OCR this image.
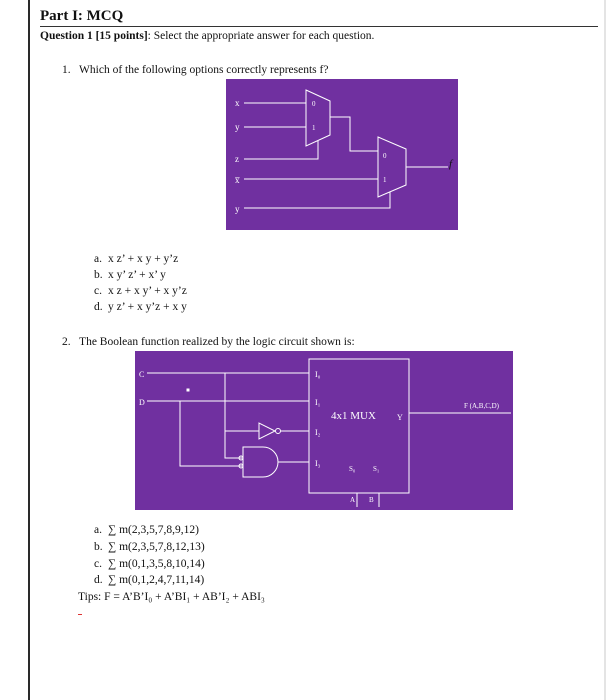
Part I: MCQ
Question 1 [15 points]: Select the appropriate answer for each question.
1. Which of the following options correctly represents f?
x
y
0
1
z
x̅
y
0
1
f
a. x z’ + x y + y’z
b. x y’ z’ + x’ y
c. x z + x y’ + x y’z
d. y z’ + x y’z + x y
2. The Boolean function realized by the logic circuit shown is:
C
D
I₀
I₁
I₂
I₃
4x1 MUX	Y
S₀	S₁
F (A,B,C,D)
A B
a. ∑ m(2,3,5,7,8,9,12)
b. ∑ m(2,3,5,7,8,12,13)
c. ∑ m(0,1,3,5,8,10,14)
d. ∑ m(0,1,2,4,7,11,14)
Tips: F = A’B’I₀ + A’BI₁ + AB’I₂ + ABI₃
